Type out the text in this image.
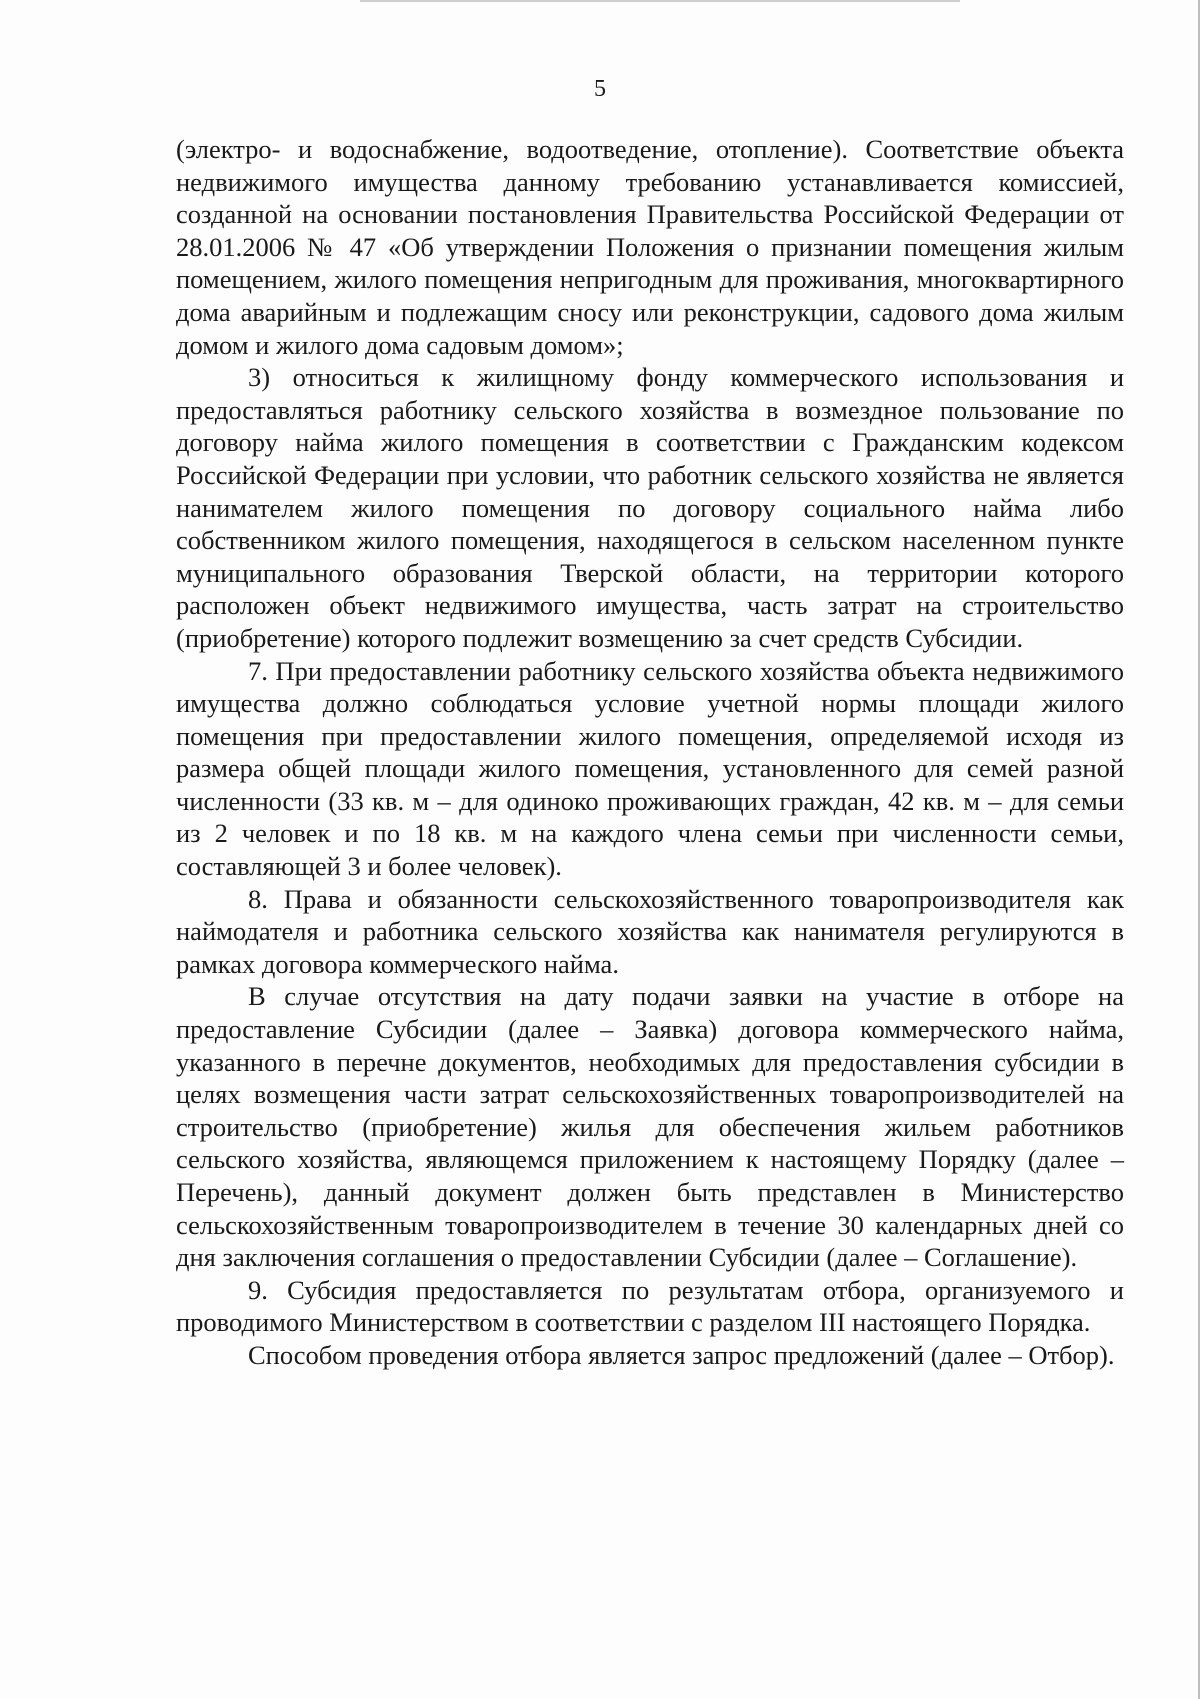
5

(электро- и водоснабжение, водоотведение, отопление). Соответствие объекта недвижимого имущества данному требованию устанавливается комиссией, созданной на основании постановления Правительства Российской Федерации от 28.01.2006 № 47 «Об утверждении Положения о признании помещения жилым помещением, жилого помещения непригодным для проживания, многоквартирного дома аварийным и подлежащим сносу или реконструкции, садового дома жилым домом и жилого дома садовым домом»;

3) относиться к жилищному фонду коммерческого использования и предоставляться работнику сельского хозяйства в возмездное пользование по договору найма жилого помещения в соответствии с Гражданским кодексом Российской Федерации при условии, что работник сельского хозяйства не является нанимателем жилого помещения по договору социального найма либо собственником жилого помещения, находящегося в сельском населенном пункте муниципального образования Тверской области, на территории которого расположен объект недвижимого имущества, часть затрат на строительство (приобретение) которого подлежит возмещению за счет средств Субсидии.

7. При предоставлении работнику сельского хозяйства объекта недвижимого имущества должно соблюдаться условие учетной нормы площади жилого помещения при предоставлении жилого помещения, определяемой исходя из размера общей площади жилого помещения, установленного для семей разной численности (33 кв. м – для одиноко проживающих граждан, 42 кв. м – для семьи из 2 человек и по 18 кв. м на каждого члена семьи при численности семьи, составляющей 3 и более человек).

8. Права и обязанности сельскохозяйственного товаропроизводителя как наймодателя и работника сельского хозяйства как нанимателя регулируются в рамках договора коммерческого найма.

В случае отсутствия на дату подачи заявки на участие в отборе на предоставление Субсидии (далее – Заявка) договора коммерческого найма, указанного в перечне документов, необходимых для предоставления субсидии в целях возмещения части затрат сельскохозяйственных товаропроизводителей на строительство (приобретение) жилья для обеспечения жильем работников сельского хозяйства, являющемся приложением к настоящему Порядку (далее – Перечень), данный документ должен быть представлен в Министерство сельскохозяйственным товаропроизводителем в течение 30 календарных дней со дня заключения соглашения о предоставлении Субсидии (далее – Соглашение).

9. Субсидия предоставляется по результатам отбора, организуемого и проводимого Министерством в соответствии с разделом III настоящего Порядка.

Способом проведения отбора является запрос предложений (далее – Отбор).
